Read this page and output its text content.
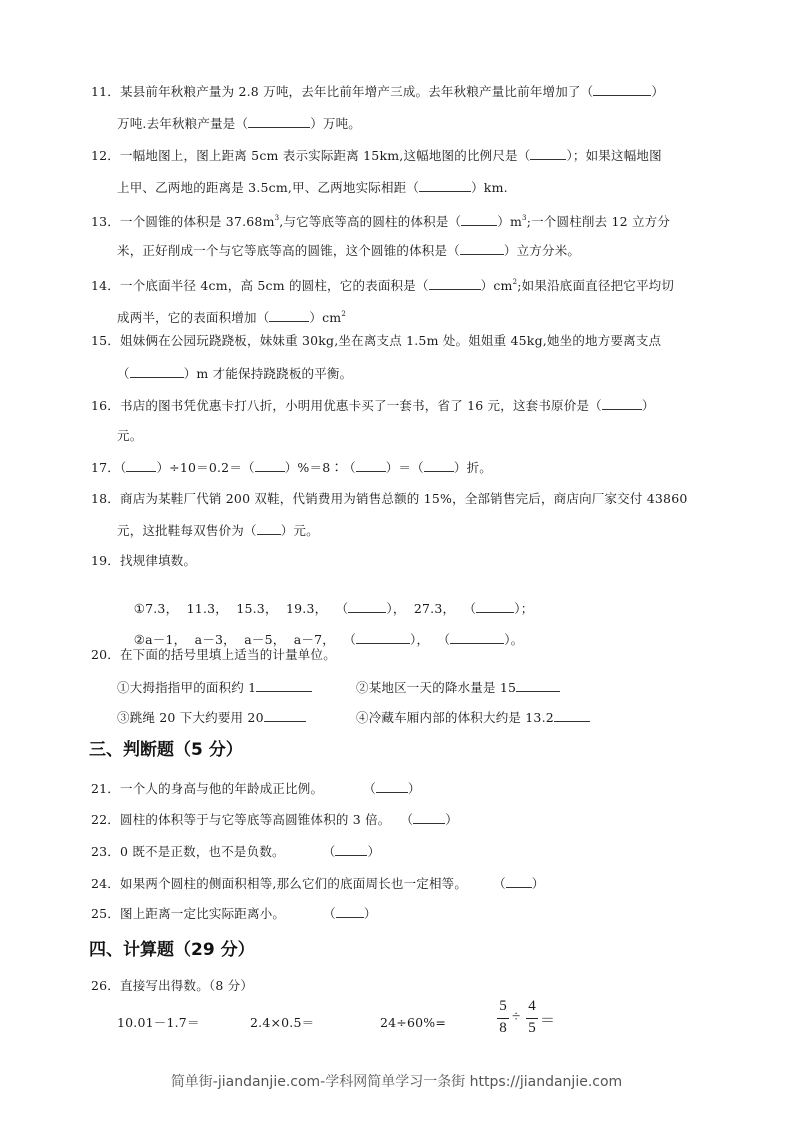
11．某县前年秋粮产量为 2.8 万吨，去年比前年增产三成。去年秋粮产量比前年增加了（	）
万吨.去年秋粮产量是（	）万吨。
12．一幅地图上，图上距离 5cm 表示实际距离 15km,这幅地图的比例尺是（	）；如果这幅地图
上甲、乙两地的距离是 3.5cm,甲、乙两地实际相距（	）km.
13．一个圆锥的体积是 $37.68m^3$,与它等底等高的圆柱的体积是（	）$m^3$;一个圆柱削去 12 立方分
米，正好削成一个与它等底等高的圆锥，这个圆锥的体积是（	）立方分米。
14．一个底面半径 4cm，高 5cm 的圆柱，它的表面积是（	）$cm^2$;如果沿底面直径把它平均切
成两半，它的表面积增加（	）$cm^2$
15．姐妹俩在公园玩跷跷板，妹妹重 30kg,坐在离支点 1.5m 处。姐姐重 45kg,她坐的地方要离支点
（	）m 才能保持跷跷板的平衡。
16．书店的图书凭优惠卡打八折，小明用优惠卡买了一套书，省了 16 元，这套书原价是（	）
元。
17．（ ）÷10＝0.2＝（ ）%＝8∶（ ）＝（ ）折。
18．商店为某鞋厂代销 200 双鞋，代销费用为销售总额的 15%，全部销售完后，商店向厂家交付 43860
元，这批鞋每双售价为（ ）元。
19．找规律填数。

①7.3，  11.3，  15.3，  19.3，  （	），  27.3，  （	）；

②a－1，  a－3，  a－5，  a－7，  （	），  （	）。

20．在下面的括号里填上适当的计量单位。
①大拇指指甲的面积约 1	②某地区一天的降水量是 15
③跳绳 20 下大约要用 20	④冷藏车厢内部的体积大约是 13.2
三、判断题（5 分）
21．一个人的身高与他的年龄成正比例。	（	）
22．圆柱的体积等于与它等底等高圆锥体积的 3 倍。 （	）
23．0 既不是正数，也不是负数。	（	）
24．如果两个圆柱的侧面积相等,那么它们的底面周长也一定相等。 （ ）
25．图上距离一定比实际距离小。	（ ）
四、计算题（29 分）
26．直接写出得数。（8 分）
10.01－1.7＝	2.4×0.5＝	24÷60%=
5
8
÷
4
5 ＝
简单街-jiandanjie.com-学科网简单学习一条街 https://jiandanjie.com
